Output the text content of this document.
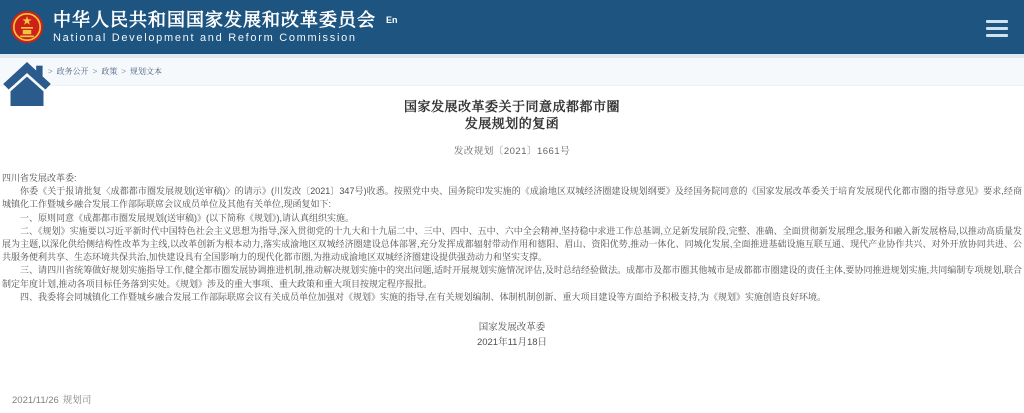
中华人民共和国国家发展和改革委员会
National Development and Reform Commission
En
> 政务公开 > 政策 > 规划文本
国家发展改革委关于同意成都都市圈
发展规划的复函
发改规划〔2021〕1661号

四川省发展改革委:

你委《关于报请批复〈成都都市圈发展规划(送审稿)〉的请示》(川发改〔2021〕347号)收悉。按照党中央、国务院印发实施的《成渝地区双城经济圈建设规划纲要》及经国务院同意的《国家发展改革委关于培育发展现代化都市圈的指导意见》要求,经商城镇化工作暨城乡融合发展工作部际联席会议成员单位及其他有关单位,现函复如下:

一、原则同意《成都都市圈发展规划(送审稿)》(以下简称《规划》),请认真组织实施。

二、《规划》实施要以习近平新时代中国特色社会主义思想为指导,深入贯彻党的十九大和十九届二中、三中、四中、五中、六中全会精神,坚持稳中求进工作总基调,立足新发展阶段,完整、准确、全面贯彻新发展理念,服务和融入新发展格局,以推动高质量发展为主题,以深化供给侧结构性改革为主线,以改革创新为根本动力,落实成渝地区双城经济圈建设总体部署,充分发挥成都辐射带动作用和德阳、眉山、资阳优势,推动一体化、同城化发展,全面推进基础设施互联互通、现代产业协作共兴、对外开放协同共进、公共服务便利共享、生态环境共保共治,加快建设具有全国影响力的现代化都市圈,为推动成渝地区双城经济圈建设提供强劲动力和坚实支撑。

三、请四川省统筹做好规划实施指导工作,健全都市圈发展协调推进机制,推动解决规划实施中的突出问题,适时开展规划实施情况评估,及时总结经验做法。成都市及都市圈其他城市是成都都市圈建设的责任主体,要协同推进规划实施,共同编制专项规划,联合制定年度计划,推动各项目标任务落到实处。《规划》涉及的重大事项、重大政策和重大项目按规定程序报批。

四、我委将会同城镇化工作暨城乡融合发展工作部际联席会议有关成员单位加强对《规划》实施的指导,在有关规划编制、体制机制创新、重大项目建设等方面给予积极支持,为《规划》实施创造良好环境。

国家发展改革委
2021年11月18日
2021/11/26 规划司
